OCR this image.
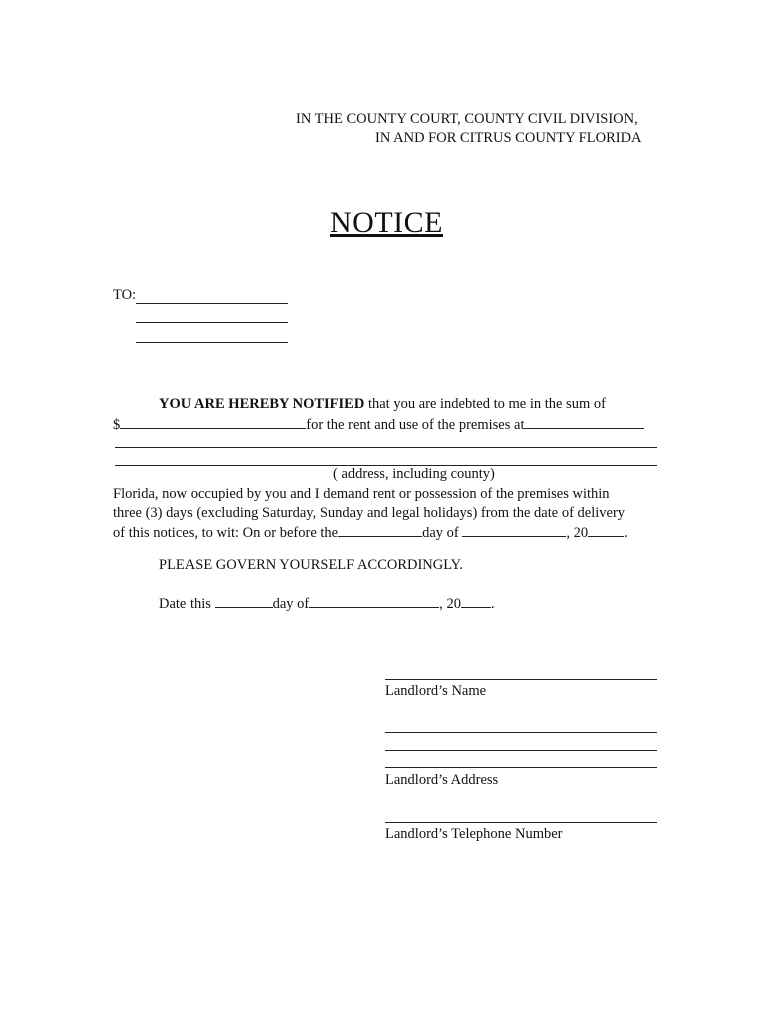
IN THE COUNTY COURT, COUNTY CIVIL DIVISION,
IN AND FOR CITRUS COUNTY FLORIDA
NOTICE
TO:
YOU ARE HEREBY NOTIFIED that you are indebted to me in the sum of
$	for the rent and use of the premises at
( address, including county)
Florida, now occupied by you and I demand rent or possession of the premises within
three (3) days (excluding Saturday, Sunday and legal holidays) from the date of delivery
of this notices, to wit: On or before the	day of	, 20 .
PLEASE GOVERN YOURSELF ACCORDINGLY.
Date this	day of	, 20 .
Landlord’s Name
Landlord’s Address
Landlord’s Telephone Number
